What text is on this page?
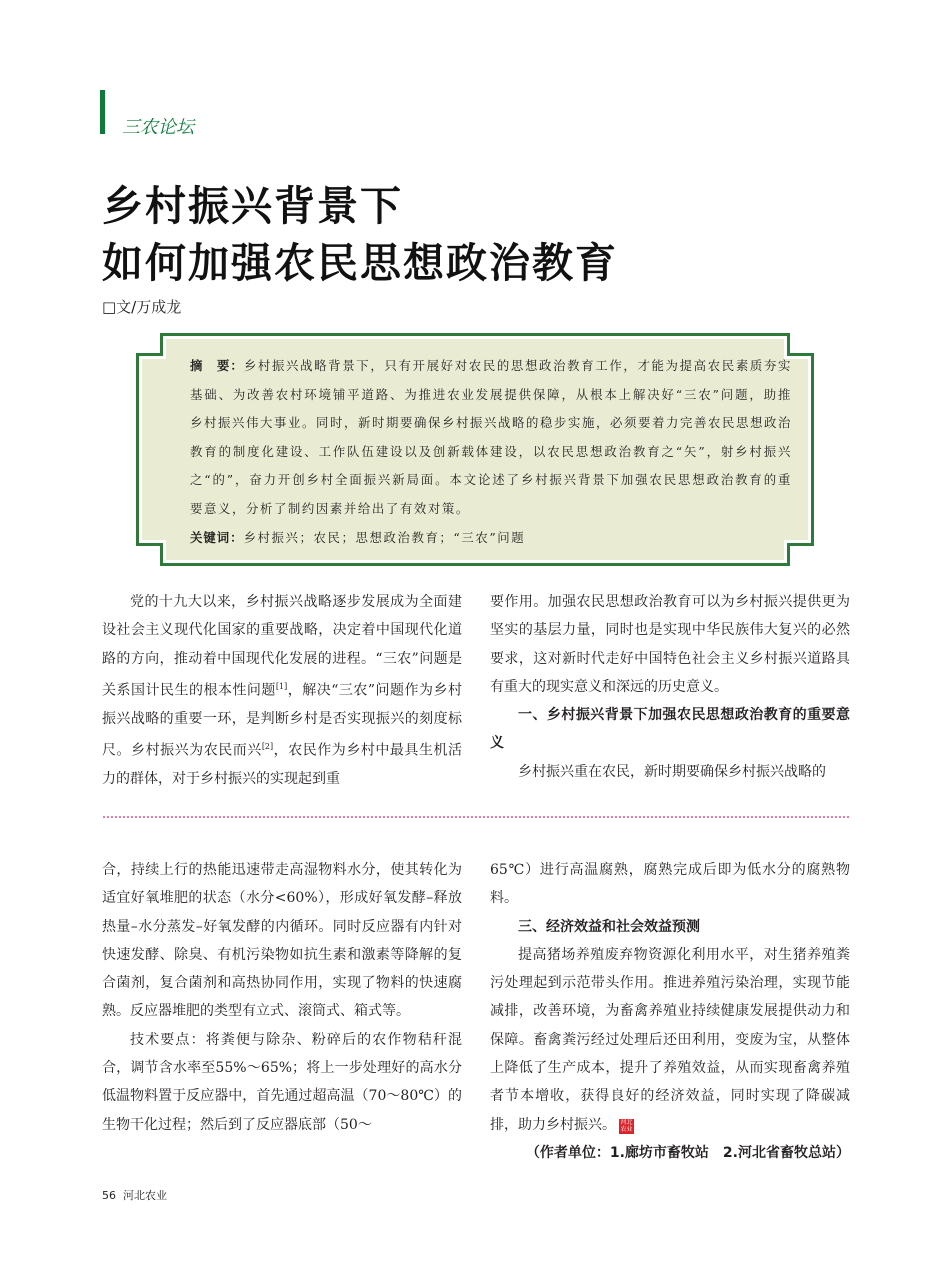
三农论坛
乡村振兴背景下
如何加强农民思想政治教育
□文/万成龙

摘　要：乡村振兴战略背景下，只有开展好对农民的思想政治教育工作，才能为提高农民素质夯实基础、为改善农村环境铺平道路、为推进农业发展提供保障，从根本上解决好“三农”问题，助推乡村振兴伟大事业。同时，新时期要确保乡村振兴战略的稳步实施，必须要着力完善农民思想政治教育的制度化建设、工作队伍建设以及创新载体建设，以农民思想政治教育之“矢”，射乡村振兴之“的”，奋力开创乡村全面振兴新局面。本文论述了乡村振兴背景下加强农民思想政治教育的重要意义，分析了制约因素并给出了有效对策。

关键词：乡村振兴；农民；思想政治教育；“三农”问题

党的十九大以来，乡村振兴战略逐步发展成为全面建设社会主义现代化国家的重要战略，决定着中国现代化道路的方向，推动着中国现代化发展的进程。“三农”问题是关系国计民生的根本性问题[1]，解决“三农”问题作为乡村振兴战略的重要一环，是判断乡村是否实现振兴的刻度标尺。乡村振兴为农民而兴[2]，农民作为乡村中最具生机活力的群体，对于乡村振兴的实现起到重

要作用。加强农民思想政治教育可以为乡村振兴提供更为坚实的基层力量，同时也是实现中华民族伟大复兴的必然要求，这对新时代走好中国特色社会主义乡村振兴道路具有重大的现实意义和深远的历史意义。

一、乡村振兴背景下加强农民思想政治教育的重要意义

乡村振兴重在农民，新时期要确保乡村振兴战略的

合，持续上行的热能迅速带走高湿物料水分，使其转化为适宜好氧堆肥的状态（水分<60%），形成好氧发酵–释放热量–水分蒸发–好氧发酵的内循环。同时反应器有内针对快速发酵、除臭、有机污染物如抗生素和激素等降解的复合菌剂，复合菌剂和高热协同作用，实现了物料的快速腐熟。反应器堆肥的类型有立式、滚筒式、箱式等。

技术要点：将粪便与除杂、粉碎后的农作物秸秆混合，调节含水率至55%～65%；将上一步处理好的高水分低温物料置于反应器中，首先通过超高温（70～80℃）的生物干化过程；然后到了反应器底部（50～

65℃）进行高温腐熟，腐熟完成后即为低水分的腐熟物料。

三、经济效益和社会效益预测

提高猪场养殖废弃物资源化利用水平，对生猪养殖粪污处理起到示范带头作用。推进养殖污染治理，实现节能减排，改善环境，为畜禽养殖业持续健康发展提供动力和保障。畜禽粪污经过处理后还田利用，变废为宝，从整体上降低了生产成本，提升了养殖效益，从而实现畜禽养殖者节本增收，获得良好的经济效益，同时实现了降碳减排，助力乡村振兴。 河北农业

（作者单位：1.廊坊市畜牧站　2.河北省畜牧总站）

56 河北农业
